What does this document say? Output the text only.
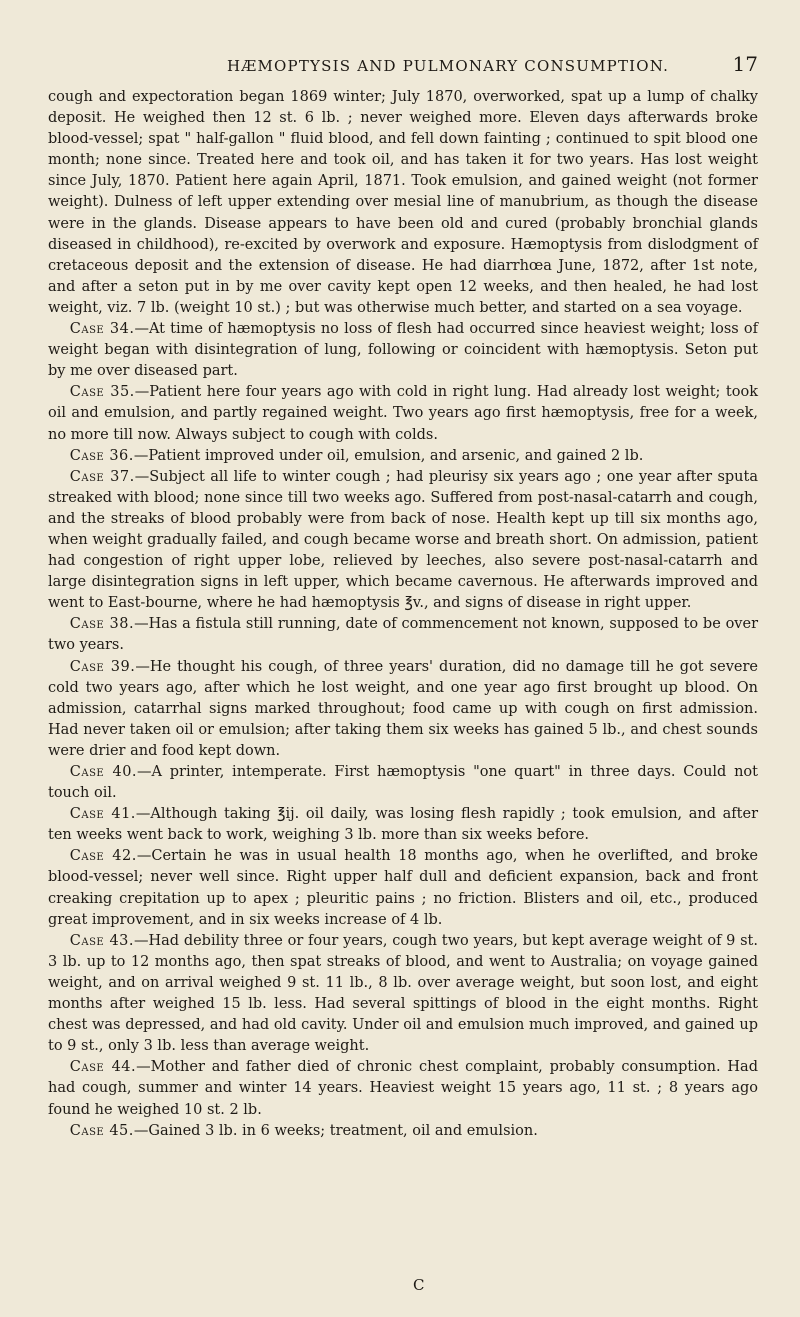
HÆMOPTYSIS AND PULMONARY CONSUMPTION.	17

cough and expectoration began 1869 winter; July 1870, overworked, spat up a lump of chalky deposit. He weighed then 12 st. 6 lb. ; never weighed more. Eleven days afterwards broke blood-vessel; spat " half-gallon " fluid blood, and fell down fainting ; continued to spit blood one month; none since. Treated here and took oil, and has taken it for two years. Has lost weight since July, 1870. Patient here again April, 1871. Took emulsion, and gained weight (not former weight). Dulness of left upper extending over mesial line of manubrium, as though the disease were in the glands. Disease appears to have been old and cured (probably bronchial glands diseased in childhood), re-excited by overwork and exposure. Hæmoptysis from dislodgment of cretaceous deposit and the extension of disease. He had diarrhœa June, 1872, after 1st note, and after a seton put in by me over cavity kept open 12 weeks, and then healed, he had lost weight, viz. 7 lb. (weight 10 st.) ; but was otherwise much better, and started on a sea voyage.

Case 34.—At time of hæmoptysis no loss of flesh had occurred since heaviest weight; loss of weight began with disintegration of lung, following or coincident with hæmoptysis. Seton put by me over diseased part.

Case 35.—Patient here four years ago with cold in right lung. Had already lost weight; took oil and emulsion, and partly regained weight. Two years ago first hæmoptysis, free for a week, no more till now. Always subject to cough with colds.

Case 36.—Patient improved under oil, emulsion, and arsenic, and gained 2 lb.

Case 37.—Subject all life to winter cough ; had pleurisy six years ago ; one year after sputa streaked with blood; none since till two weeks ago. Suffered from post-nasal-catarrh and cough, and the streaks of blood probably were from back of nose. Health kept up till six months ago, when weight gradually failed, and cough became worse and breath short. On admission, patient had congestion of right upper lobe, relieved by leeches, also severe post-nasal-catarrh and large disintegration signs in left upper, which became cavernous. He afterwards improved and went to East-bourne, where he had hæmoptysis ℥v., and signs of disease in right upper.

Case 38.—Has a fistula still running, date of commencement not known, supposed to be over two years.

Case 39.—He thought his cough, of three years' duration, did no damage till he got severe cold two years ago, after which he lost weight, and one year ago first brought up blood. On admission, catarrhal signs marked throughout; food came up with cough on first admission. Had never taken oil or emulsion; after taking them six weeks has gained 5 lb., and chest sounds were drier and food kept down.

Case 40.—A printer, intemperate. First hæmoptysis "one quart" in three days. Could not touch oil.

Case 41.—Although taking ℥ij. oil daily, was losing flesh rapidly ; took emulsion, and after ten weeks went back to work, weighing 3 lb. more than six weeks before.

Case 42.—Certain he was in usual health 18 months ago, when he overlifted, and broke blood-vessel; never well since. Right upper half dull and deficient expansion, back and front creaking crepitation up to apex ; pleuritic pains ; no friction. Blisters and oil, etc., produced great improvement, and in six weeks increase of 4 lb.

Case 43.—Had debility three or four years, cough two years, but kept average weight of 9 st. 3 lb. up to 12 months ago, then spat streaks of blood, and went to Australia; on voyage gained weight, and on arrival weighed 9 st. 11 lb., 8 lb. over average weight, but soon lost, and eight months after weighed 15 lb. less. Had several spittings of blood in the eight months. Right chest was depressed, and had old cavity. Under oil and emulsion much improved, and gained up to 9 st., only 3 lb. less than average weight.

Case 44.—Mother and father died of chronic chest complaint, probably consumption. Had had cough, summer and winter 14 years. Heaviest weight 15 years ago, 11 st. ; 8 years ago found he weighed 10 st. 2 lb.

Case 45.—Gained 3 lb. in 6 weeks; treatment, oil and emulsion.

C
